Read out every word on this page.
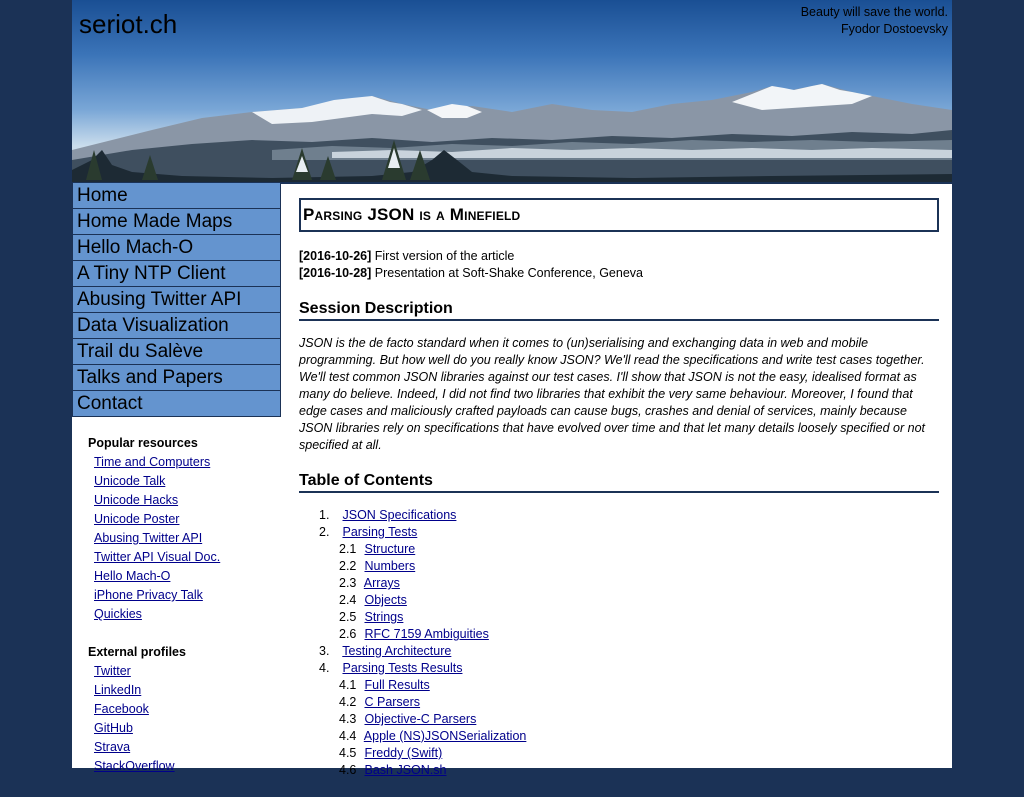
seriot.ch	Beauty will save the world.
Fyodor Dostoevsky
Home
Home Made Maps
Hello Mach-O
A Tiny NTP Client
Abusing Twitter API
Data Visualization
Trail du Salève
Talks and Papers
Contact
Popular resources
Time and Computers
Unicode Talk
Unicode Hacks
Unicode Poster
Abusing Twitter API
Twitter API Visual Doc.
Hello Mach-O
iPhone Privacy Talk
Quickies
External profiles
Twitter
LinkedIn
Facebook
GitHub
Strava
StackOverflow
Parsing JSON is a Minefield

[2016-10-26] First version of the article

[2016-10-28] Presentation at Soft-Shake Conference, Geneva

Session Description

JSON is the de facto standard when it comes to (un)serialising and exchanging data in web and mobile programming. But how well do you really know JSON? We'll read the specifications and write test cases together. We'll test common JSON libraries against our test cases. I'll show that JSON is not the easy, idealised format as many do believe. Indeed, I did not find two libraries that exhibit the very same behaviour. Moreover, I found that edge cases and maliciously crafted payloads can cause bugs, crashes and denial of services, mainly because JSON libraries rely on specifications that have evolved over time and that let many details loosely specified or not specified at all.

Table of Contents
1. JSON Specifications
2. Parsing Tests
2.1 Structure
2.2 Numbers
2.3 Arrays
2.4 Objects
2.5 Strings
2.6 RFC 7159 Ambiguities
3. Testing Architecture
4. Parsing Tests Results
4.1 Full Results
4.2 C Parsers
4.3 Objective-C Parsers
4.4 Apple (NS)JSONSerialization
4.5 Freddy (Swift)
4.6 Bash JSON.sh
